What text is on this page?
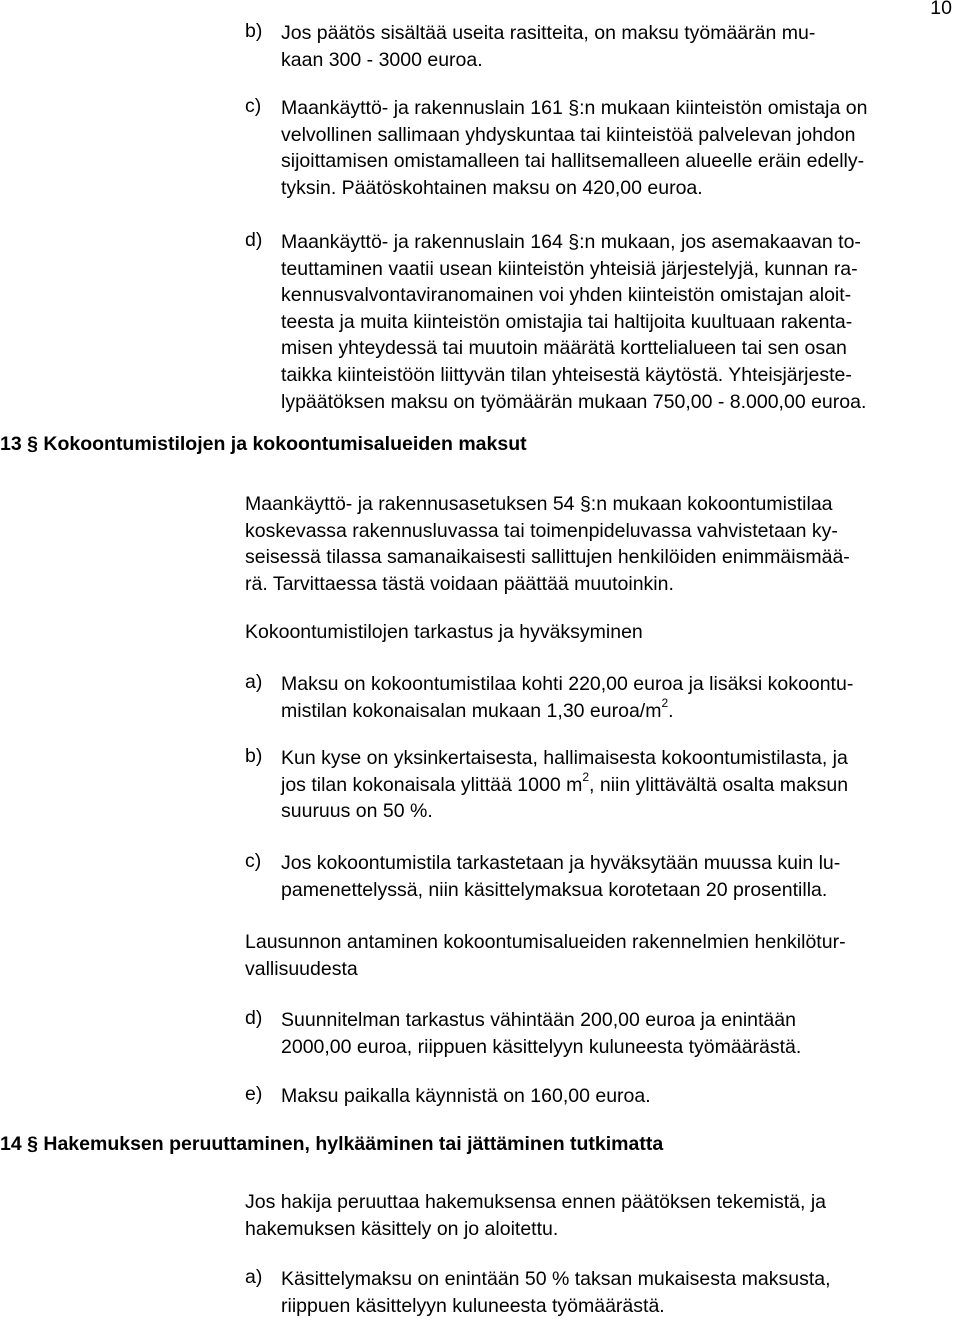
10
b) Jos päätös sisältää useita rasitteita, on maksu työmäärän mu-
kaan 300 - 3000 euroa.
c) Maankäyttö- ja rakennuslain 161 §:n mukaan kiinteistön omistaja on
velvollinen sallimaan yhdyskuntaa tai kiinteistöä palvelevan johdon
sijoittamisen omistamalleen tai hallitsemalleen alueelle eräin edelly-
tyksin. Päätöskohtainen maksu on 420,00 euroa.
d) Maankäyttö- ja rakennuslain 164 §:n mukaan, jos asemakaavan to-
teuttaminen vaatii usean kiinteistön yhteisiä järjestelyjä, kunnan ra-
kennusvalvontaviranomainen voi yhden kiinteistön omistajan aloit-
teesta ja muita kiinteistön omistajia tai haltijoita kuultuaan rakenta-
misen yhteydessä tai muutoin määrätä korttelialueen tai sen osan
taikka kiinteistöön liittyvän tilan yhteisestä käytöstä. Yhteisjärjeste-
lypäätöksen maksu on työmäärän mukaan 750,00 - 8.000,00 euroa.
13 § Kokoontumistilojen ja kokoontumisalueiden maksut
Maankäyttö- ja rakennusasetuksen 54 §:n mukaan kokoontumistilaa
koskevassa rakennusluvassa tai toimenpideluvassa vahvistetaan ky-
seisessä tilassa samanaikaisesti sallittujen henkilöiden enimmäismää-
rä. Tarvittaessa tästä voidaan päättää muutoinkin.
Kokoontumistilojen tarkastus ja hyväksyminen
a) Maksu on kokoontumistilaa kohti 220,00 euroa ja lisäksi kokoontu-
mistilan kokonaisalan mukaan 1,30 euroa/$m^2$.
b) Kun kyse on yksinkertaisesta, hallimaisesta kokoontumistilasta, ja
jos tilan kokonaisala ylittää 1000 $m^2$, niin ylittävältä osalta maksun
suuruus on 50 %.
c) Jos kokoontumistila tarkastetaan ja hyväksytään muussa kuin lu-
pamenettelyssä, niin käsittelymaksua korotetaan 20 prosentilla.
Lausunnon antaminen kokoontumisalueiden rakennelmien henkilötur-
vallisuudesta
d) Suunnitelman tarkastus vähintään 200,00 euroa ja enintään
2000,00 euroa, riippuen käsittelyyn kuluneesta työmäärästä.
e) Maksu paikalla käynnistä on 160,00 euroa.
14 § Hakemuksen peruuttaminen, hylkääminen tai jättäminen tutkimatta
Jos hakija peruuttaa hakemuksensa ennen päätöksen tekemistä, ja
hakemuksen käsittely on jo aloitettu.
a) Käsittelymaksu on enintään 50 % taksan mukaisesta maksusta,
riippuen käsittelyyn kuluneesta työmäärästä.
